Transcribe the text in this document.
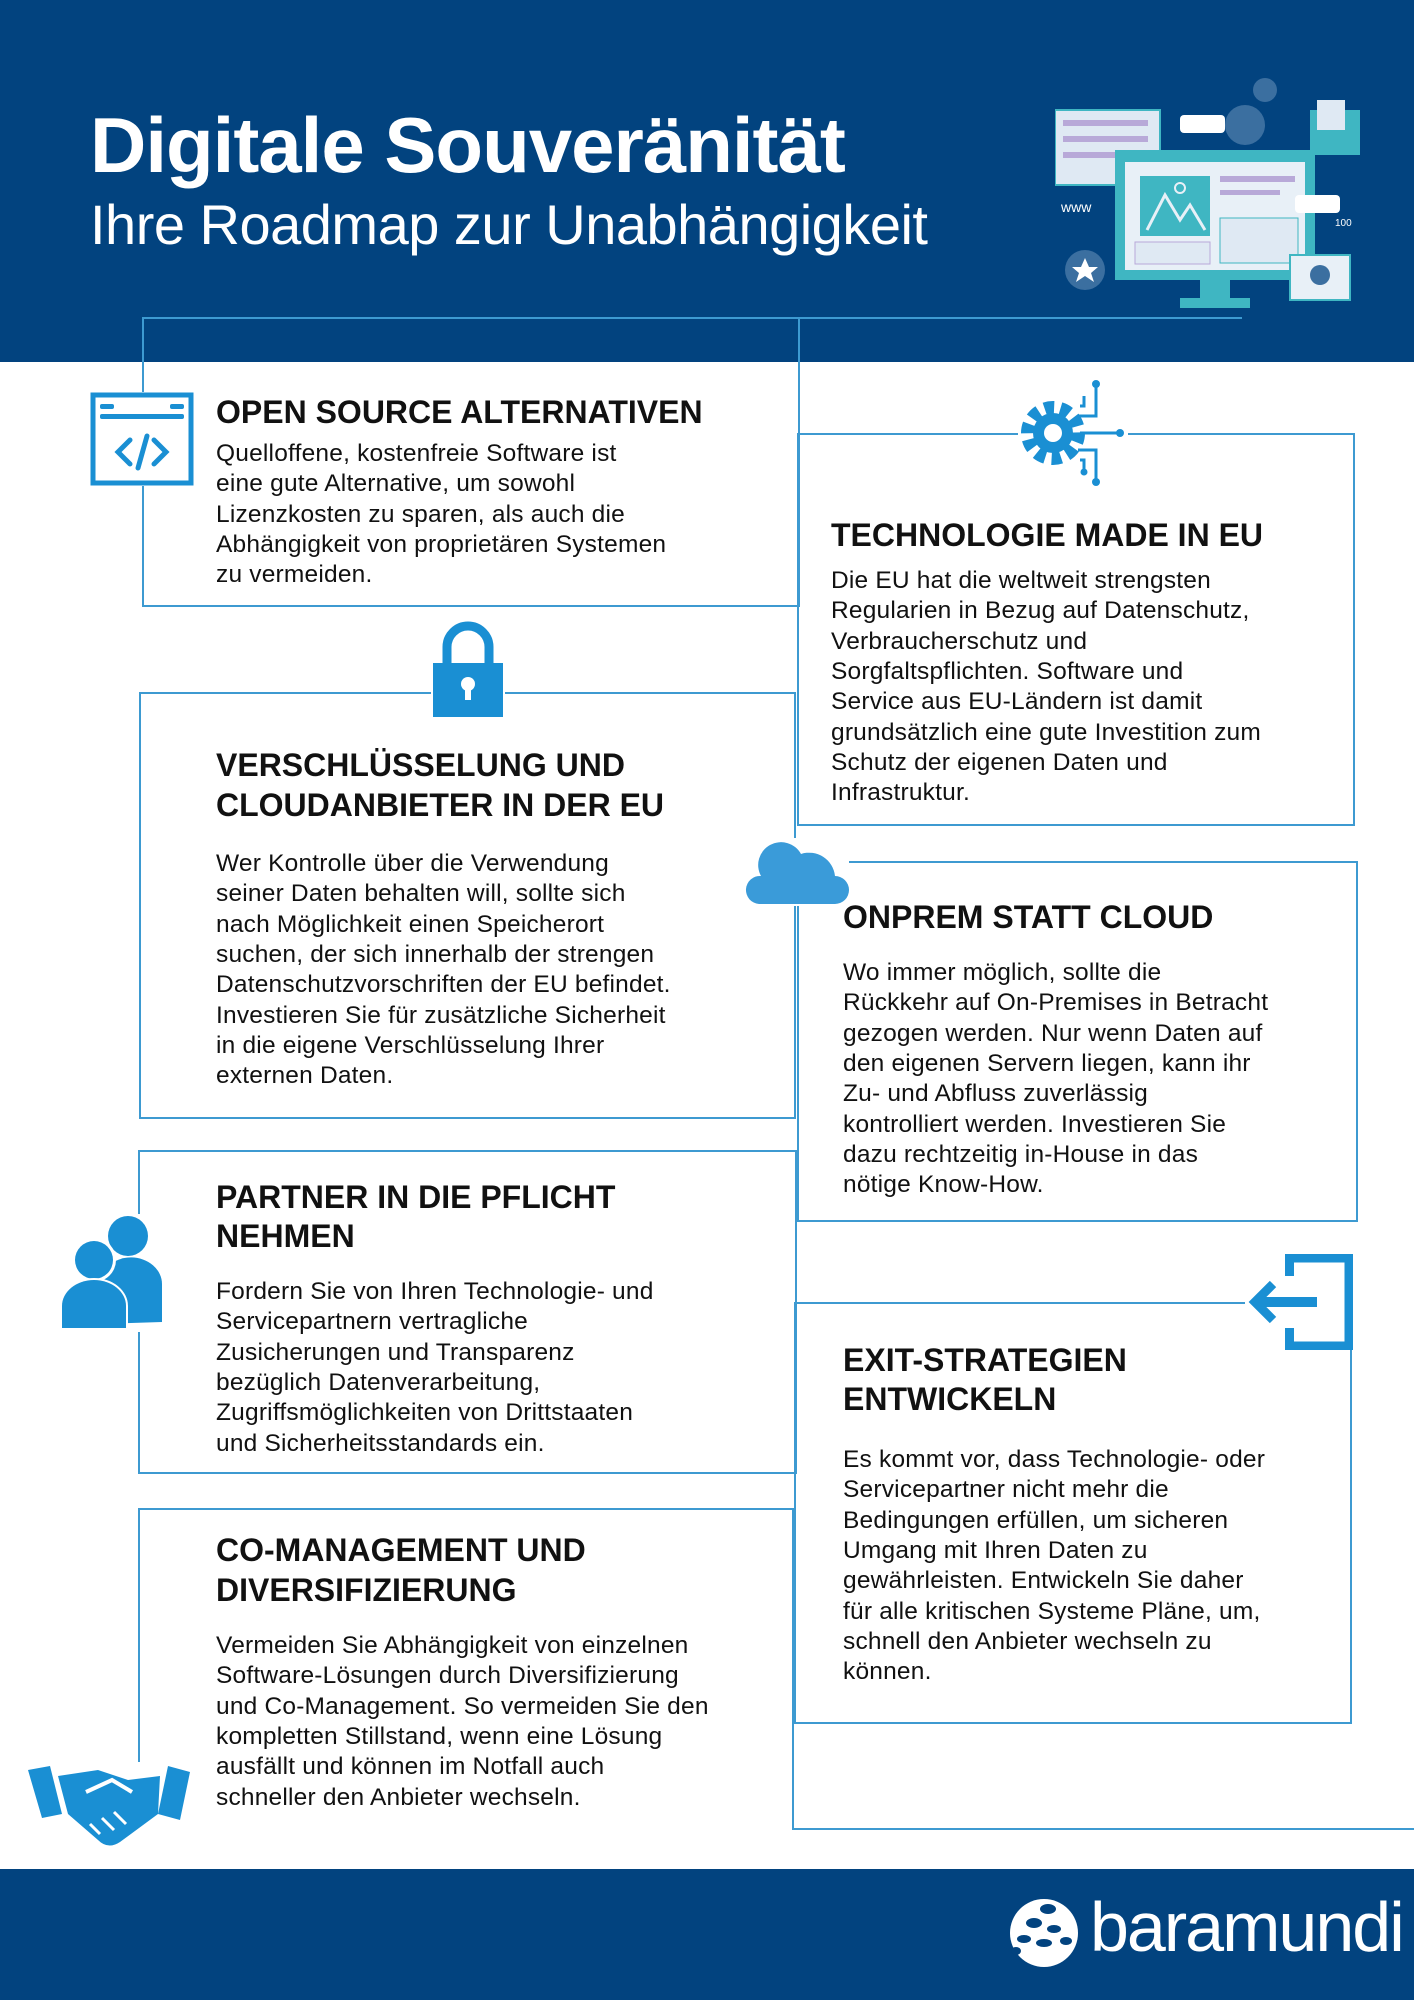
Digitale Souveränität
Ihre Roadmap zur Unabhängigkeit	www
100
OPEN SOURCE ALTERNATIVEN
Quelloffene, kostenfreie Software ist
eine gute Alternative, um sowohl
Lizenzkosten zu sparen, als auch die
Abhängigkeit von proprietären Systemen
zu vermeiden.
TECHNOLOGIE MADE IN EU
Die EU hat die weltweit strengsten
Regularien in Bezug auf Datenschutz,
Verbraucherschutz und
Sorgfaltspflichten. Software und
Service aus EU-Ländern ist damit
grundsätzlich eine gute Investition zum
Schutz der eigenen Daten und
Infrastruktur.
VERSCHLÜSSELUNG UND
CLOUDANBIETER IN DER EU
Wer Kontrolle über die Verwendung
seiner Daten behalten will, sollte sich
nach Möglichkeit einen Speicherort
suchen, der sich innerhalb der strengen
Datenschutzvorschriften der EU befindet.
Investieren Sie für zusätzliche Sicherheit
in die eigene Verschlüsselung Ihrer
externen Daten.
ONPREM STATT CLOUD
Wo immer möglich, sollte die
Rückkehr auf On-Premises in Betracht
gezogen werden. Nur wenn Daten auf
den eigenen Servern liegen, kann ihr
Zu- und Abfluss zuverlässig
kontrolliert werden. Investieren Sie
dazu rechtzeitig in-House in das
nötige Know-How.
PARTNER IN DIE PFLICHT
NEHMEN
Fordern Sie von Ihren Technologie- und
Servicepartnern vertragliche
Zusicherungen und Transparenz
bezüglich Datenverarbeitung,
Zugriffsmöglichkeiten von Drittstaaten
und Sicherheitsstandards ein.
EXIT-STRATEGIEN
ENTWICKELN
Es kommt vor, dass Technologie- oder
Servicepartner nicht mehr die
Bedingungen erfüllen, um sicheren
Umgang mit Ihren Daten zu
gewährleisten. Entwickeln Sie daher
für alle kritischen Systeme Pläne, um,
schnell den Anbieter wechseln zu
können.
CO-MANAGEMENT UND
DIVERSIFIZIERUNG
Vermeiden Sie Abhängigkeit von einzelnen
Software-Lösungen durch Diversifizierung
und Co-Management. So vermeiden Sie den
kompletten Stillstand, wenn eine Lösung
ausfällt und können im Notfall auch
schneller den Anbieter wechseln.
baramundi
